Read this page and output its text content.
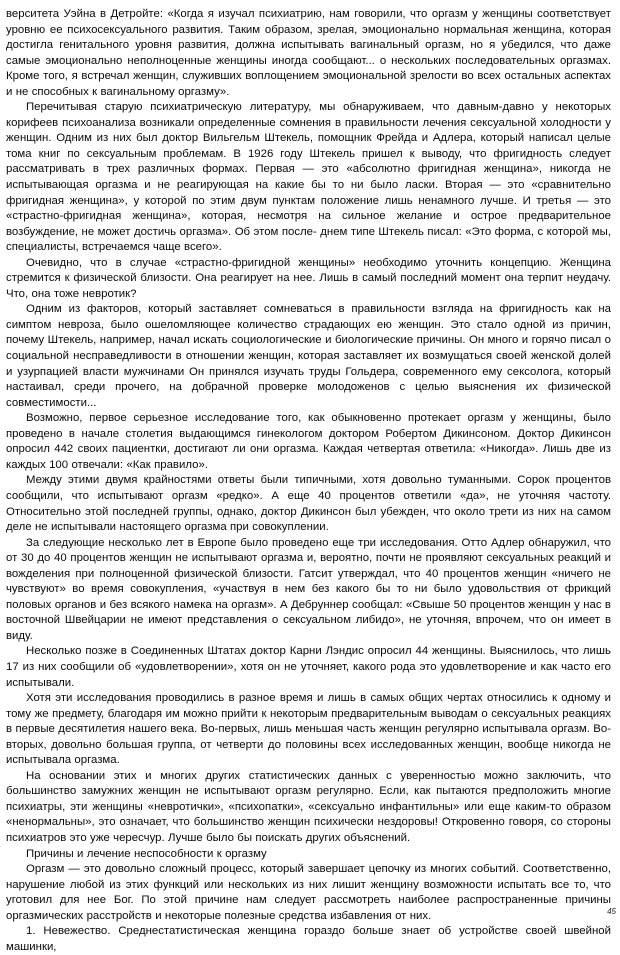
верситета Уэйна в Детройте: «Когда я изучал психиатрию, нам говорили, что оргазм у женщины соответствует уровню ее психосексуального развития. Таким образом, зрелая, эмоционально нормальная женщина, которая достигла генитального уровня развития, должна испытывать вагинальный оргазм, но я убедился, что даже самые эмоционально неполноценные женщины иногда сообщают... о нескольких последовательных оргазмах. Кроме того, я встречал женщин, служивших воплощением эмоциональной зрелости во всех остальных аспектах и не способных к вагинальному оргазму».

Перечитывая старую психиатрическую литературу, мы обнаруживаем, что давным-давно у некоторых корифеев психоанализа возникали определенные сомнения в правильности лечения сексуальной холодности у женщин. Одним из них был доктор Вильгельм Штекель, помощник Фрейда и Адлера, который написал целые тома книг по сексуальным проблемам. В 1926 году Штекель пришел к выводу, что фригидность следует рассматривать в трех различных формах. Первая — это «абсолютно фригидная женщина», никогда не испытывающая оргазма и не реагирующая на какие бы то ни было ласки. Вторая — это «сравнительно фригидная женщина», у которой по этим двум пунктам положение лишь ненамного лучше. И третья — это «страстно-фригидная женщина», которая, несмотря на сильное желание и острое предварительное возбуждение, не может достичь оргазма». Об этом после- днем типе Штекель писал: «Это форма, с которой мы, специалисты, встречаемся чаще всего».

Очевидно, что в случае «страстно-фригидной женщины» необходимо уточнить концепцию. Женщина стремится к физической близости. Она реагирует на нее. Лишь в самый последний момент она терпит неудачу. Что, она тоже невротик?

Одним из факторов, который заставляет сомневаться в правильности взгляда на фригидность как на симптом невроза, было ошеломляющее количество страдающих ею женщин. Это стало одной из причин, почему Штекель, например, начал искать социологические и биологические причины. Он много и горячо писал о социальной несправедливости в отношении женщин, которая заставляет их возмущаться своей женской долей и узурпацией власти мужчинами Он принялся изучать труды Гольдера, современного ему сексолога, который настаивал, среди прочего, на добрачной проверке молодоженов с целью выяснения их физической совместимости...

Возможно, первое серьезное исследование того, как обыкновенно протекает оргазм у женщины, было проведено в начале столетия выдающимся гинекологом доктором Робертом Дикинсоном. Доктор Дикинсон опросил 442 своих пациентки, достигают ли они оргазма. Каждая четвертая ответила: «Никогда». Лишь две из каждых 100 отвечали: «Как правило».

Между этими двумя крайностями ответы были типичными, хотя довольно туманными. Сорок процентов сообщили, что испытывают оргазм «редко». А еще 40 процентов ответили «да», не уточняя частоту. Относительно этой последней группы, однако, доктор Дикинсон был убежден, что около трети из них на самом деле не испытывали настоящего оргазма при совокуплении.

За следующие несколько лет в Европе было проведено еще три исследования. Отто Адлер обнаружил, что от 30 до 40 процентов женщин не испытывают оргазма и, вероятно, почти не проявляют сексуальных реакций и вожделения при полноценной физической близости. Гатсит утверждал, что 40 процентов женщин «ничего не чувствуют» во время совокупления, «участвуя в нем без какого бы то ни было удовольствия от фрикций половых органов и без всякого намека на оргазм». А Дебруннер сообщал: «Свыше 50 процентов женщин у нас в восточной Швейцарии не имеют представления о сексуальном либидо», не уточняя, впрочем, что он имеет в виду.

Несколько позже в Соединенных Штатах доктор Карни Лэндис опросил 44 женщины. Выяснилось, что лишь 17 из них сообщили об «удовлетворении», хотя он не уточняет, какого рода это удовлетворение и как часто его испытывали.

Хотя эти исследования проводились в разное время и лишь в самых общих чертах относились к одному и тому же предмету, благодаря им можно прийти к некоторым предварительным выводам о сексуальных реакциях в первые десятилетия нашего века. Во-первых, лишь меньшая часть женщин регулярно испытывала оргазм. Во-вторых, довольно большая группа, от четверти до половины всех исследованных женщин, вообще никогда не испытывала оргазма.

На основании этих и многих других статистических данных с уверенностью можно заключить, что большинство замужних женщин не испытывают оргазм регулярно. Если, как пытаются предположить многие психиатры, эти женщины «невротички», «психопатки», «сексуально инфантильны» или еще каким-то образом «ненормальны», это означает, что большинство женщин психически нездоровы! Откровенно говоря, со стороны психиатров это уже чересчур. Лучше было бы поискать других объяснений.

Причины и лечение неспособности к оргазму

Оргазм — это довольно сложный процесс, который завершает цепочку из многих событий. Соответственно, нарушение любой из этих функций или нескольких из них лишит женщину возможности испытать все то, что уготовил для нее Бог. По этой причине нам следует рассмотреть наиболее распространенные причины оргазмических расстройств и некоторые полезные средства избавления от них.

1. Невежество. Среднестатистическая женщина гораздо больше знает об устройстве своей швейной машинки,

45
